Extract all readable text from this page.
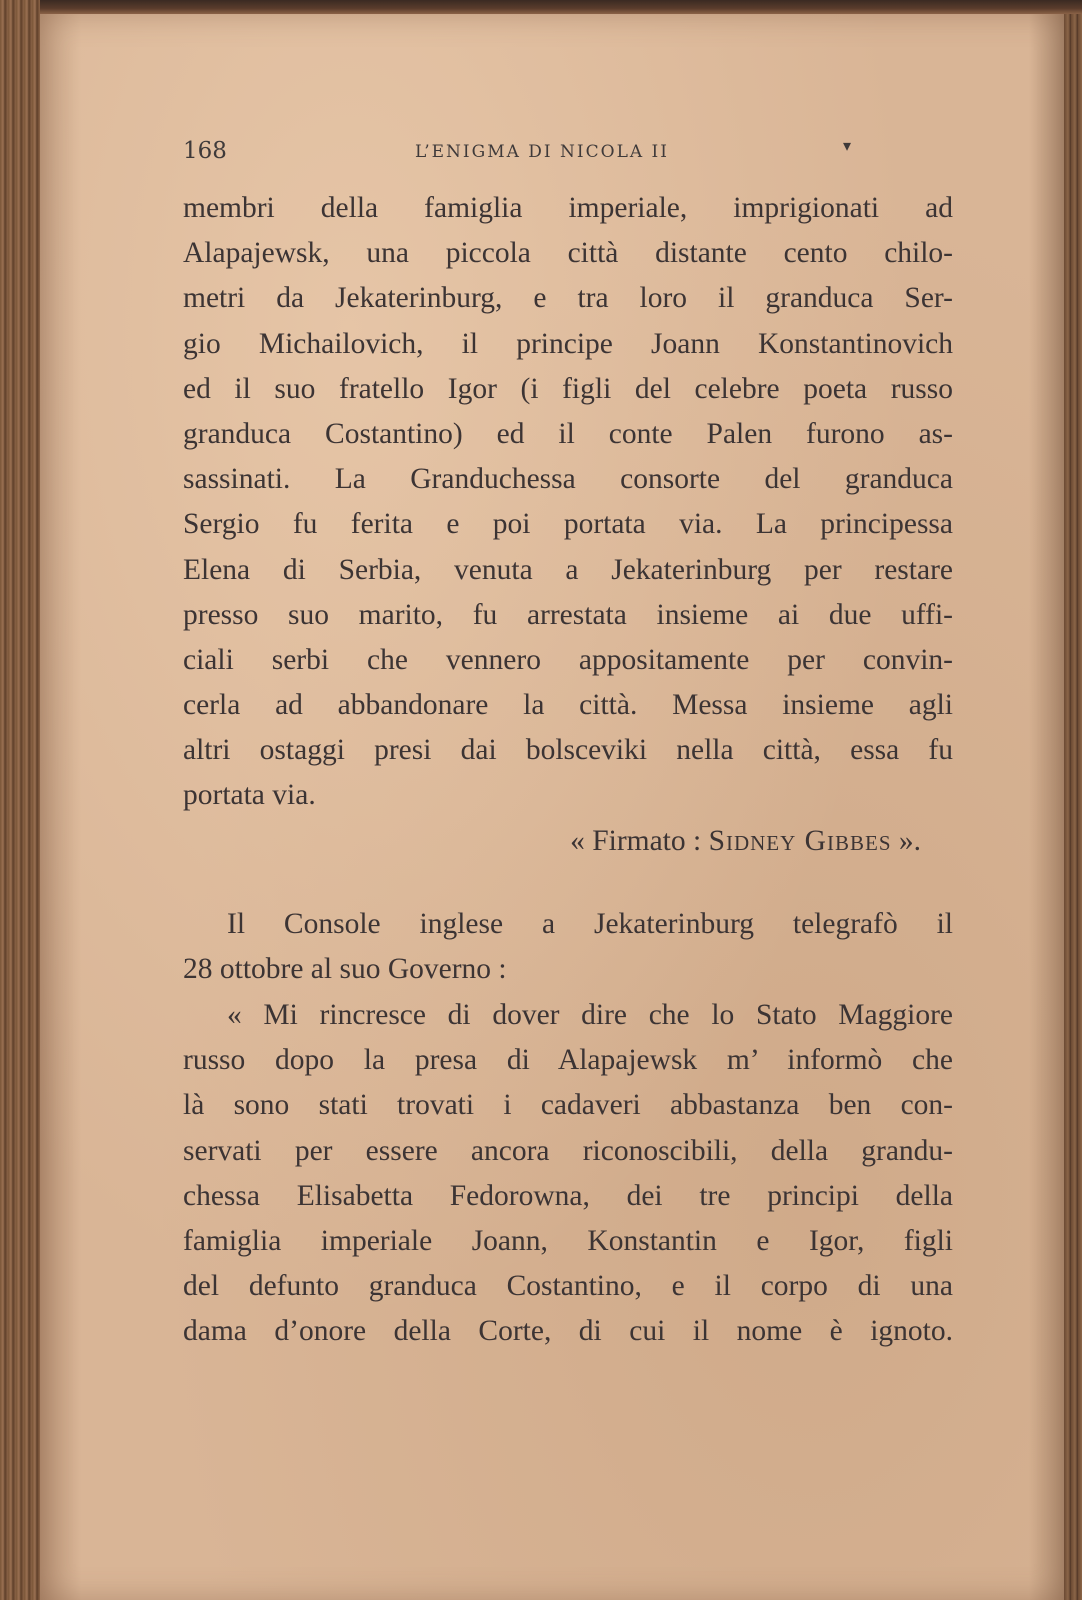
168	L’ENIGMA DI NICOLA II	▾
membri della famiglia imperiale, imprigionati ad
Alapajewsk, una piccola città distante cento chilo-
metri da Jekaterinburg, e tra loro il granduca Ser-
gio Michailovich, il principe Joann Konstantinovich
ed il suo fratello Igor (i figli del celebre poeta russo
granduca Costantino) ed il conte Palen furono as-
sassinati. La Granduchessa consorte del granduca
Sergio fu ferita e poi portata via. La principessa
Elena di Serbia, venuta a Jekaterinburg per restare
presso suo marito, fu arrestata insieme ai due uffi-
ciali serbi che vennero appositamente per convin-
cerla ad abbandonare la città. Messa insieme agli
altri ostaggi presi dai bolsceviki nella città, essa fu
portata via.
« Firmato : Sidney Gibbes ».
Il Console inglese a Jekaterinburg telegrafò il
28 ottobre al suo Governo :
« Mi rincresce di dover dire che lo Stato Maggiore
russo dopo la presa di Alapajewsk m’ informò che
là sono stati trovati i cadaveri abbastanza ben con-
servati per essere ancora riconoscibili, della grandu-
chessa Elisabetta Fedorowna, dei tre principi della
famiglia imperiale Joann, Konstantin e Igor, figli
del defunto granduca Costantino, e il corpo di una
dama d’onore della Corte, di cui il nome è ignoto.
